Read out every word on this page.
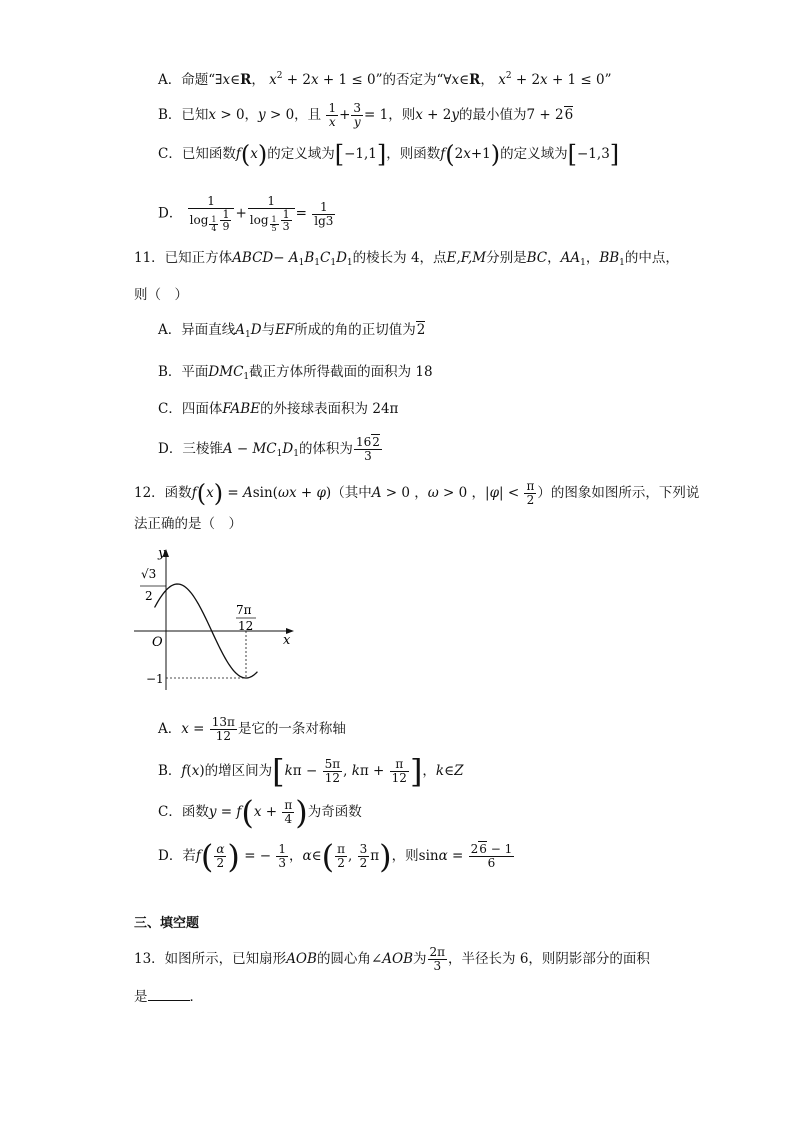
A．命题“∃x∈R， $x^2 + 2x + 1 \le 0$”的否定为“∀x∈R， $x^2 + 2x + 1 \le 0$”
B．已知x > 0，y > 0，且 $\frac{1}{x} + \frac{3}{y} = 1$，则x + 2y的最小值为7 + 26
C．已知函数f(x)的定义域为[−1,1]，则函数f(2x+1)的定义域为[−1,3]
D． 1
$\log _{\frac{1}{4}} \frac{1}{9} + 1$
$\log _{\frac{1}{5}} \frac{1}{3} = \frac{1}{\lg 3}$
11．已知正方体ABCD− $A_1B_1C_1D_1$的棱长为 4，点E,F,M分别是BC，$AA_1$，$BB_1$的中点，
则（　）
A．异面直线$A_1D$与EF所成的角的正切值为2
B．平面$DMC_1$截正方体所得截面的面积为 18
C．四面体FABE的外接球表面积为 24π
D．三棱锥$A - MC_1D_1$的体积为 $\frac{162}{3}$
12．函数f(x) = Asin(ωx + φ)（其中A > 0 ，ω > 0 ，$|\varphi| < \frac{\pi}{2}$ ）的图象如图所示，下列说
法正确的是（　）
y
x
O
√3
2
7π
12
−1
A．$x = \frac{13\pi}{12}$ 是它的一条对称轴
B．f(x)的增区间为[$k\pi - \frac{5\pi}{12}$ , $k\pi + \frac{\pi}{12}$ ]，k∈Z
C．函数$y = f(x + \frac{\pi}{4}$ )为奇函数
D．若$f( \frac{\alpha}{2}$ ) = − $\frac{1}{3}$ ，α∈( $\frac{\pi}{2}$ , $\frac{3}{2} \pi$)，则$\sin\alpha = \frac{26 - 1}{6}$
三、填空题
13．如图所示，已知扇形AOB的圆心角∠AOB为 $\frac{2\pi}{3}$ ，半径长为 6，则阴影部分的面积
是	．
